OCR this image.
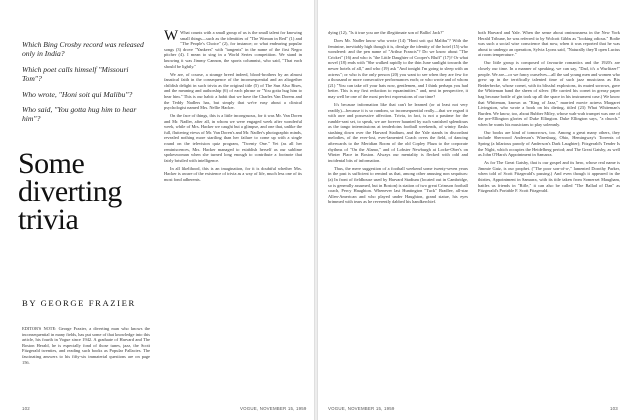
Which Bing Crosby record was released only in India?

Which poet calls himself "Missouri Tom"?

Who wrote, "Honi soit qui Malibu"?

Who said, "You gotta hug him to hear him"?

Some
diverting
trivia
BY GEORGE FRAZIER
EDITOR'S NOTE: George Frazier, a diverting man who knows the inconsequential in many fields, has put some of that knowledge into this article, his fourth in Vogue since 1942. A graduate of Harvard and The Boston Herald, he is especially fond of those tunes, jazz, the Scott Fitzgerald twenties, and reading such books as Popular Fallacies. The fascinating answers to his fifty-six immaterial questions are on page 156.

W What counts with a small group of us is the small talent for knowing small things—such as the identities of "The Woman in Red" (1) and "The People's Choice" (2), for instance; or what endearing popular songs (3) drove "Yankees" with "tangents" in the name of the first Negro pitcher (4). I mean to sing in a World Series competition. We stand in knowing it was Jimmy Cannon, the sports columnist, who said, "That each should be lightly."

We are, of course, a strange breed indeed, blood-brothers by an almost fanatical faith in the consequence of the inconsequential and an altogether childish delight in such trivia as the original title (5) of The Sun Also Rises, and the meaning and authorship (6) of each phrase or "You gotta hug him to hear him." This is our habit: a habit that we have the Charles Van Dorens and the Teddy Nadlers has, but simply that we're easy about a clinical psychologist named Mrs. Nellie Hacker.

On the face of things, this is a little incongruous, for it was Mr. Van Doren and Mr. Nadler, after all, in whom we were engaged week after wonderful week, while of Mrs. Hacker we caught but a glimpse, and one that, unlike the full, fluttering views of Mr. Van Doren's and Mr. Nadler's photographic minds, revealed nothing more startling than her failure to come up with a single round on the television quiz program, "Twenty One." Yet (as all her reminiscences, Mrs. Hacker managed to establish herself as our sublime spokeswoman when she turned long enough to contribute a footnote that fairly bristled with intelligence.

In all likelihood, this is an imagination, for it is doubtful whether Mrs. Hacker is aware of the existence of trivia as a way of life, much less one of its most fond adherents.

102	VOGUE, NOVEMBER 15, 1959

dying (12), "Is it true you are the illegitimate son of Ballin' Jack?"

Does Mr. Nadler know who wrote (14) "Honi soit qui Malibu"? With the feminine, inevitably high though it is, divulge the identity of the hotel (15) who wondered: and the pen name of "Arthur Francis"? Do we know about "The Cricket" (16) and who is "the Little Daughter of Cooper's Bluff" (17)? Or what novel (18) ends with "She walked rapidly to the thin June sunlight towards the newer hotels of all," and who (19) ask "And tonight I'm going to sleep with an actress"; or who is the only person (20) you want to see when they are few for a thousand or more consecutive performances each; or who wrote and of whom (21) "You can take off your hats now, gentlemen, and I think perhaps you had better. This is my first reduction to equanimities." and, next in perspective, it may well be one of the most perfect expressions of our time?

It's because information like that can't be learned (or at least not very readily)—because it is so random, so inconsequential really—that we regard it with awe and possessive affection. Trivia, in fact, is not a pastime for the rumble-seat set, to speak, we are forever haunted by such vanished splendours as the tango intermissions at tenderloins football weekends, of wintry flasks stashing down over the Harvard Stadium, and the Yale stands in discordant melodies, of the ever-lost, ever-lamented Coach overs the field, of dancing afterwards to the Meridian Room of the old Copley Plaza to the corporate rhythms of "On the Alamo," and of Lobster Newburgh at Locke-Ober's on Winter Place in Boston. Always our mentality is flecked with odd and incidental bits of information.

Thus, the mere suggestion of a football weekend some twenty-seven years in the past is sufficient to remind us that, among other amusing non sequiturs: (a) In front of fieldhouse used by Harvard Stadium (located out in Cambridge, so is generally assumed, but in Boston) is station of two great Crimson football coach, Percy Haughton. Whenever last Huntington "Tuck" Bradlee, all-star Allen-American and who played under Haughton, grand statue, his eyes brimmed with tears as he reverently dabbed his handkerchief.

both Harvard and Yale. When the sense about ominousness in the New York Herald Tribune, he was referred to by Wolcott Gibbs as "looking odious." Bodie was such a social wise conscience that now, when it was reported that he was about to undergo an operation, Sylvia Lyons said, "Naturally they'll open Lucius at room temperature."

Our little group is composed of favourite romantics and the 1920's are closely our time. In a manner of speaking, we can say, "Dad, it's a Wurlitzer!" people. We are—or we fancy ourselves—all the sad young men and women who grew up in the terrifically talented time of such jazz musicians as Bix Beiderbecke, whose cornet, with its blissful explosions, its muted sorrows, gave the Whiteman band the sheen of silver. (He carried his cornet in greasy paper bag because bottle of gin took up all the space in his instrument case.) We know that Whiteman, known as "King of Jazz," married movie actress Margaret Livingston, who wrote a book on his dieting, titled (23) What Whiteman's Burden. We know, too, about Bubber Miley, whose wah-wah trumpet was one of the pre-Ellington glories of Duke Ellington. Duke Ellington says, "a church." when he wants his musicians to play solemnly.

Our books are kind of tomorrows, too. Among a great many others, they include Sherwood Anderson's Winesburg, Ohio, Hemingway's Torrents of Spring (a hilarious parody of Anderson's Dark Laughter); Fitzgerald's Tender Is the Night, which occupies the Heidelberg period; and The Great Gatsby, as well as John O'Hara's Appointment in Samarra.

As for The Great Gatsby, that is our gospel and its hero, whose real name is Jimmie Gatz, is our prophet. ("The poor son-of-a-," lamented Dorothy Parker, when told of Scott Fitzgerald's passing.) And even though it appeared in the thirties, Appointment in Samarra, with its title taken from Somerset Maugham, battles us friends in "Rifle," it can also be called "The Ballad of Dan" as Fitzgerald's Portable F. Scott Fitzgerald.

VOGUE, NOVEMBER 15, 1959	103
